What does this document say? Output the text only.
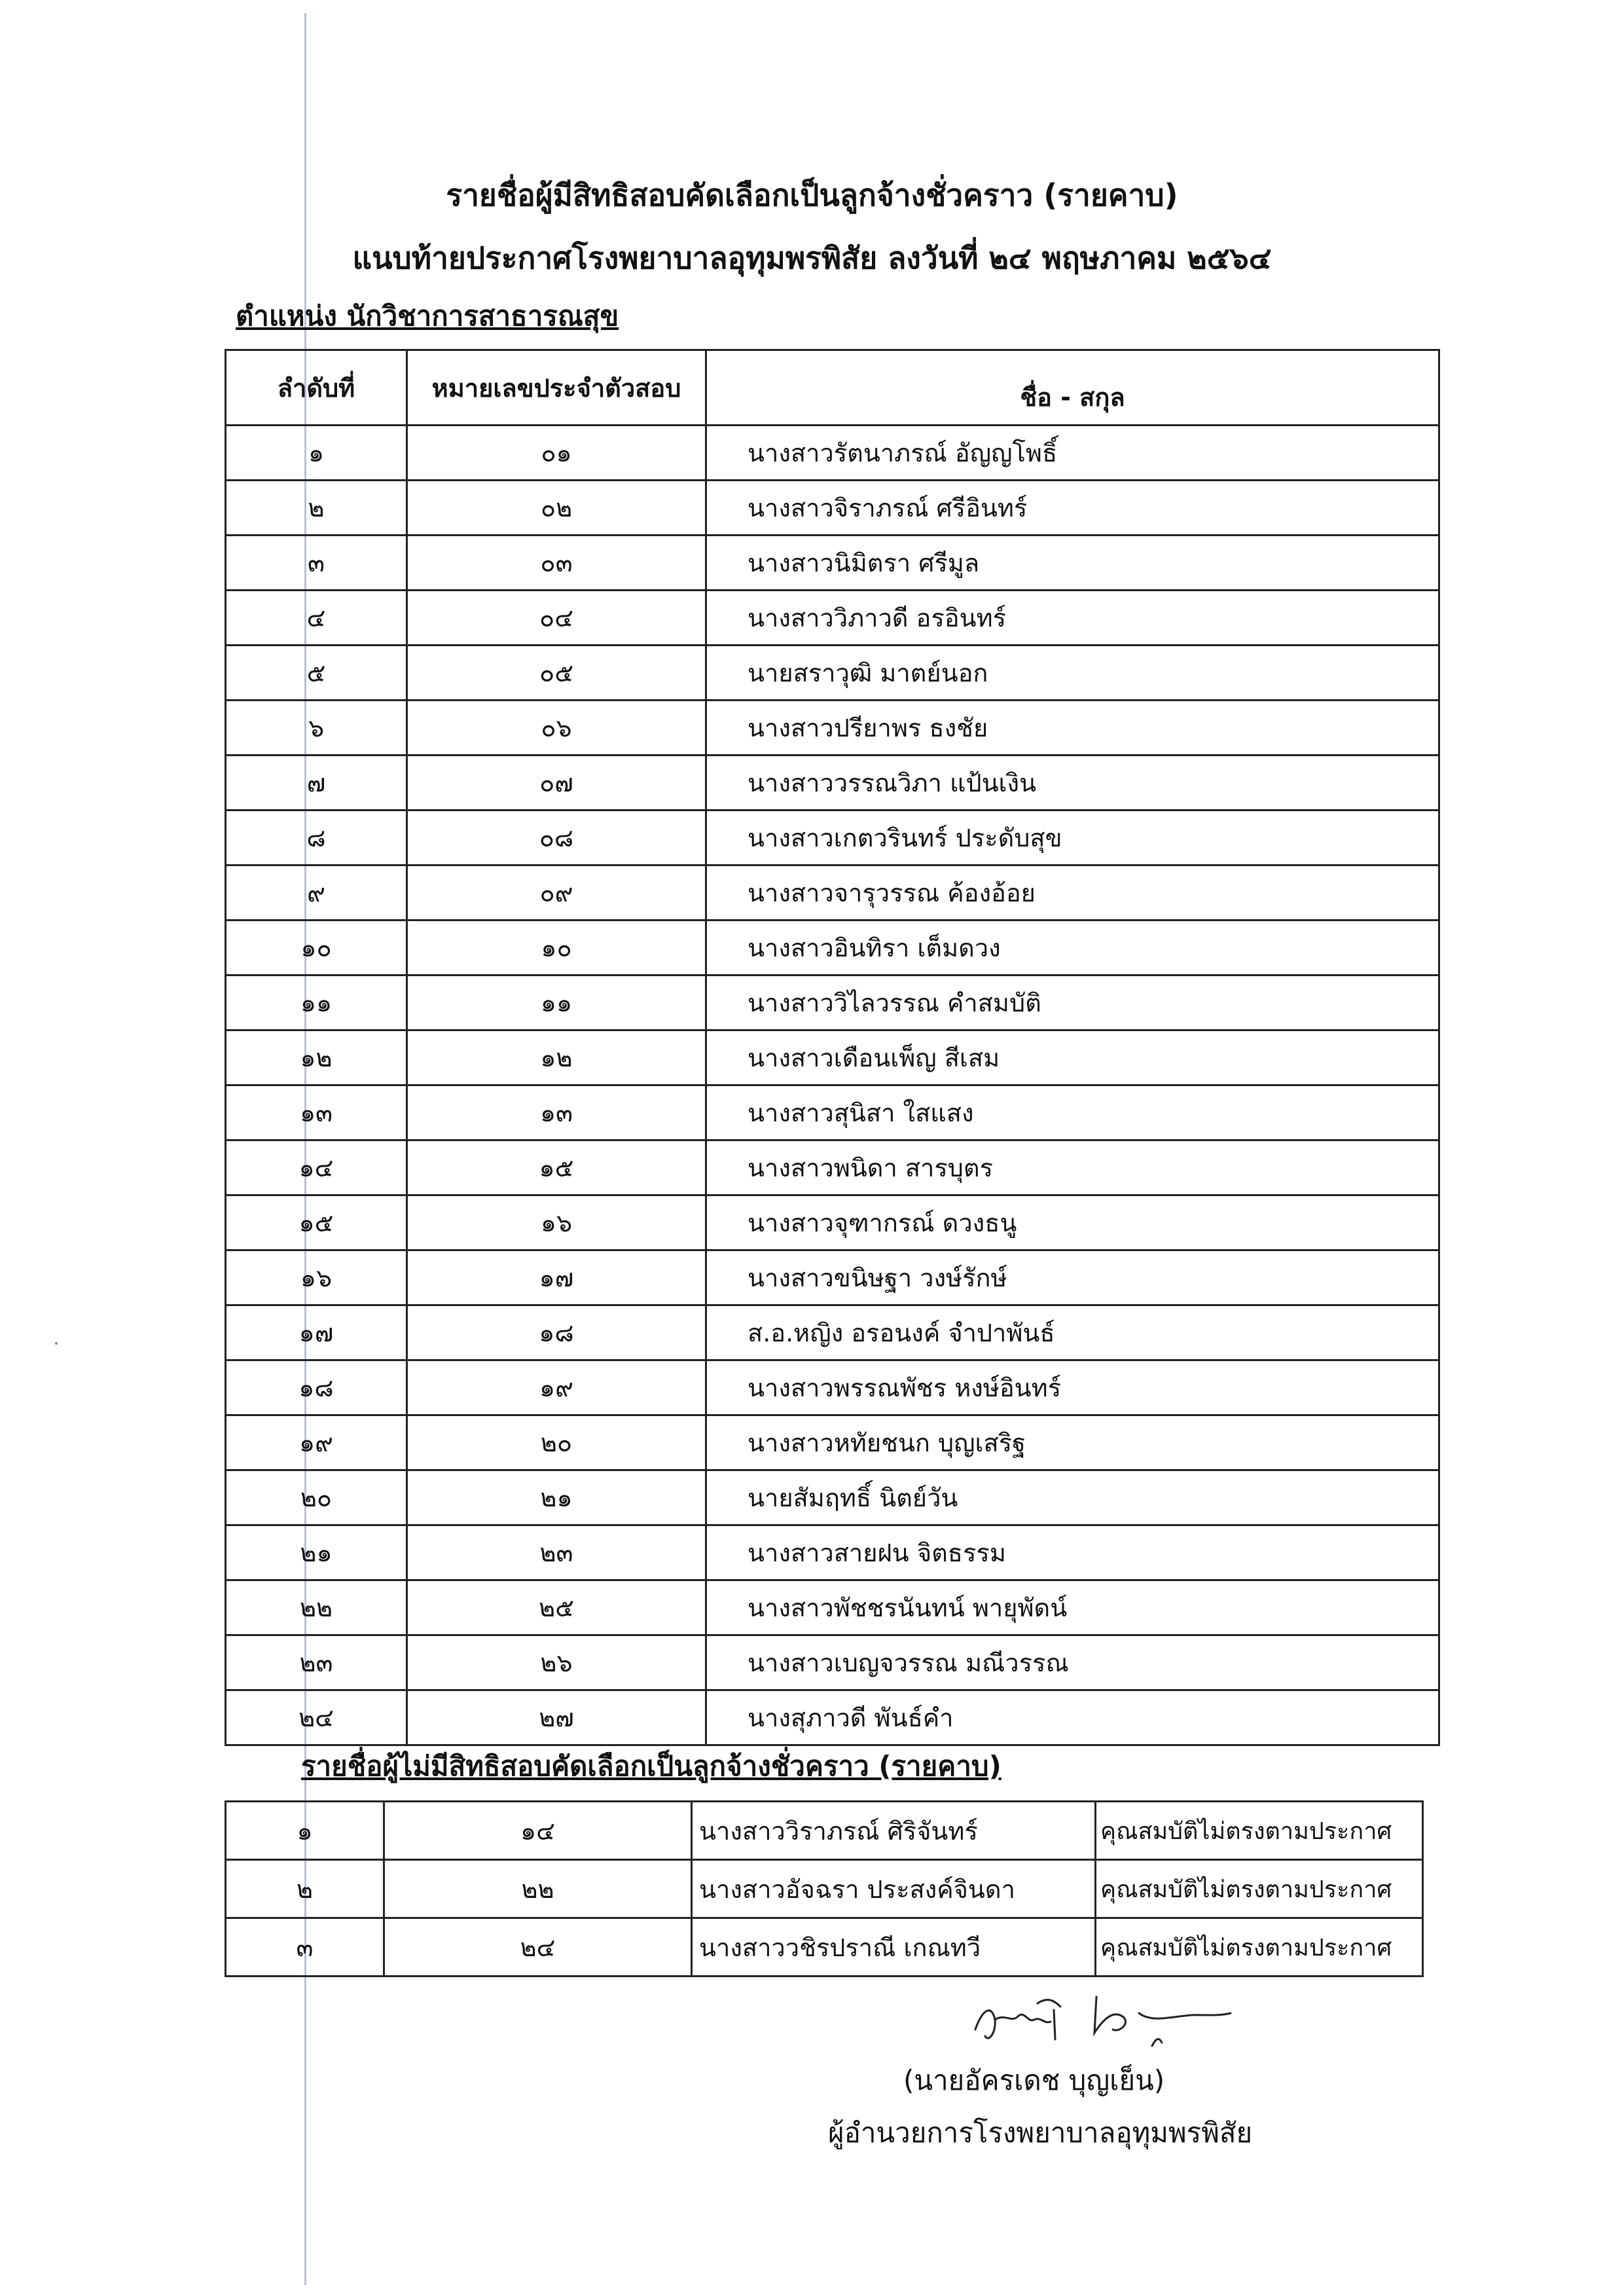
รายชื่อผู้มีสิทธิสอบคัดเลือกเป็นลูกจ้างชั่วคราว (รายคาบ)
แนบท้ายประกาศโรงพยาบาลอุทุมพรพิสัย ลงวันที่ ๒๔ พฤษภาคม ๒๕๖๔
ตำแหน่ง นักวิชาการสาธารณสุข
ลำดับที่	หมายเลขประจำตัวสอบ	ชื่อ - สกุล
๑	๐๑	นางสาวรัตนาภรณ์ อัญญโพธิ์
๒	๐๒	นางสาวจิราภรณ์ ศรีอินทร์
๓	๐๓	นางสาวนิมิตรา ศรีมูล
๔	๐๔	นางสาววิภาวดี อรอินทร์
๕	๐๕	นายสราวุฒิ มาตย์นอก
๖	๐๖	นางสาวปรียาพร ธงชัย
๗	๐๗	นางสาววรรณวิภา แป้นเงิน
๘	๐๘	นางสาวเกตวรินทร์ ประดับสุข
๙	๐๙	นางสาวจารุวรรณ ค้องอ้อย
๑๐	๑๐	นางสาวอินทิรา เต็มดวง
๑๑	๑๑	นางสาววิไลวรรณ คำสมบัติ
๑๒	๑๒	นางสาวเดือนเพ็ญ สีเสม
๑๓	๑๓	นางสาวสุนิสา ใสแสง
๑๔	๑๕	นางสาวพนิดา สารบุตร
๑๕	๑๖	นางสาวจุฑากรณ์ ดวงธนู
๑๖	๑๗	นางสาวขนิษฐา วงษ์รักษ์
๑๗	๑๘	ส.อ.หญิง อรอนงค์ จำปาพันธ์
๑๘	๑๙	นางสาวพรรณพัชร หงษ์อินทร์
๑๙	๒๐	นางสาวหทัยชนก บุญเสริฐ
๒๐	๒๑	นายสัมฤทธิ์ นิตย์วัน
๒๑	๒๓	นางสาวสายฝน จิตธรรม
๒๒	๒๕	นางสาวพัชชรนันทน์ พายุพัดน์
๒๓	๒๖	นางสาวเบญจวรรณ มณีวรรณ
๒๔	๒๗	นางสุภาวดี พันธ์คำ
รายชื่อผู้ไม่มีสิทธิสอบคัดเลือกเป็นลูกจ้างชั่วคราว (รายคาบ)
๑	๑๔	นางสาววิราภรณ์ ศิริจันทร์	คุณสมบัติไม่ตรงตามประกาศ
๒	๒๒	นางสาวอัจฉรา ประสงค์จินดา	คุณสมบัติไม่ตรงตามประกาศ
๓	๒๔	นางสาววชิรปราณี เกณทวี	คุณสมบัติไม่ตรงตามประกาศ
(นายอัครเดช บุญเย็น)
ผู้อำนวยการโรงพยาบาลอุทุมพรพิสัย
